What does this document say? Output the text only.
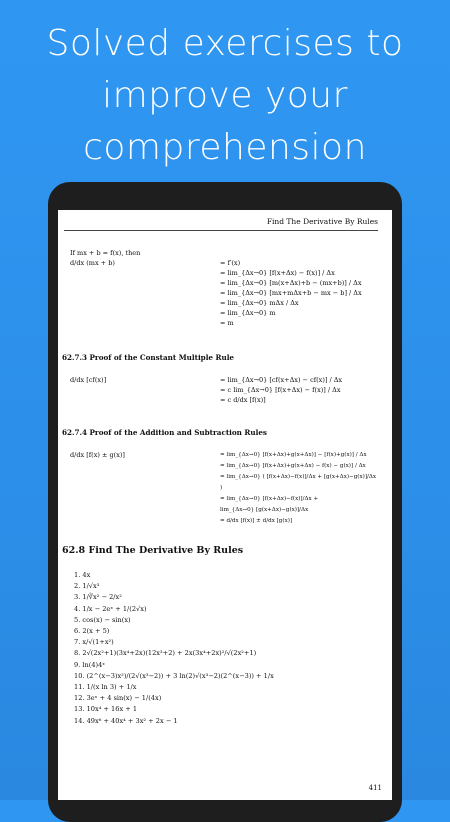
Solved exercises to
improve your
comprehension
Find The Derivative By Rules
If mx + b = f(x), then
d/dx (mx + b)	= f′(x)
= lim_{Δx→0} [f(x+Δx) − f(x)] / Δx
= lim_{Δx→0} [m(x+Δx)+b − (mx+b)] / Δx
= lim_{Δx→0} [mx+mΔx+b − mx − b] / Δx
= lim_{Δx→0} mΔx / Δx
= lim_{Δx→0} m
= m
62.7.3 Proof of the Constant Multiple Rule
d/dx [cf(x)]	= lim_{Δx→0} [cf(x+Δx) − cf(x)] / Δx
= c lim_{Δx→0} [f(x+Δx) − f(x)] / Δx
= c d/dx [f(x)]
62.7.4 Proof of the Addition and Subtraction Rules
d/dx [f(x) ± g(x)]	= lim_{Δx→0} [f(x+Δx)+g(x+Δx)] − [f(x)+g(x)] / Δx
= lim_{Δx→0} [f(x+Δx)+g(x+Δx) − f(x) − g(x)] / Δx
= lim_{Δx→0} ( [f(x+Δx)−f(x)]/Δx + [g(x+Δx)−g(x)]/Δx )
= lim_{Δx→0} [f(x+Δx)−f(x)]/Δx +
lim_{Δx→0} [g(x+Δx)−g(x)]/Δx
= d/dx [f(x)] ± d/dx [g(x)]
62.8 Find The Derivative By Rules
1. 4x
2. 1/√x³
3. 1/∛x² − 2/x²
4. 1/x − 2eˣ + 1/(2√x)
5. cos(x) − sin(x)
6. 2(x + 5)
7. x/√(1+x²)
8. 2√(2x²+1)(3x⁴+2x)(12x³+2) + 2x(3x⁴+2x)²/√(2x²+1)
9. ln(4)4ˣ
10. (2^(x−3)x²)/(2√(x³−2)) + 3 ln(2)√(x³−2)(2^(x−3)) + 1/x
11. 1/(x ln 3) + 1/x
12. 3eˣ + 4 sin(x) − 1/(4x)
13. 10x⁴ + 16x + 1
14. 49x⁶ + 40x⁴ + 3x² + 2x − 1
411
